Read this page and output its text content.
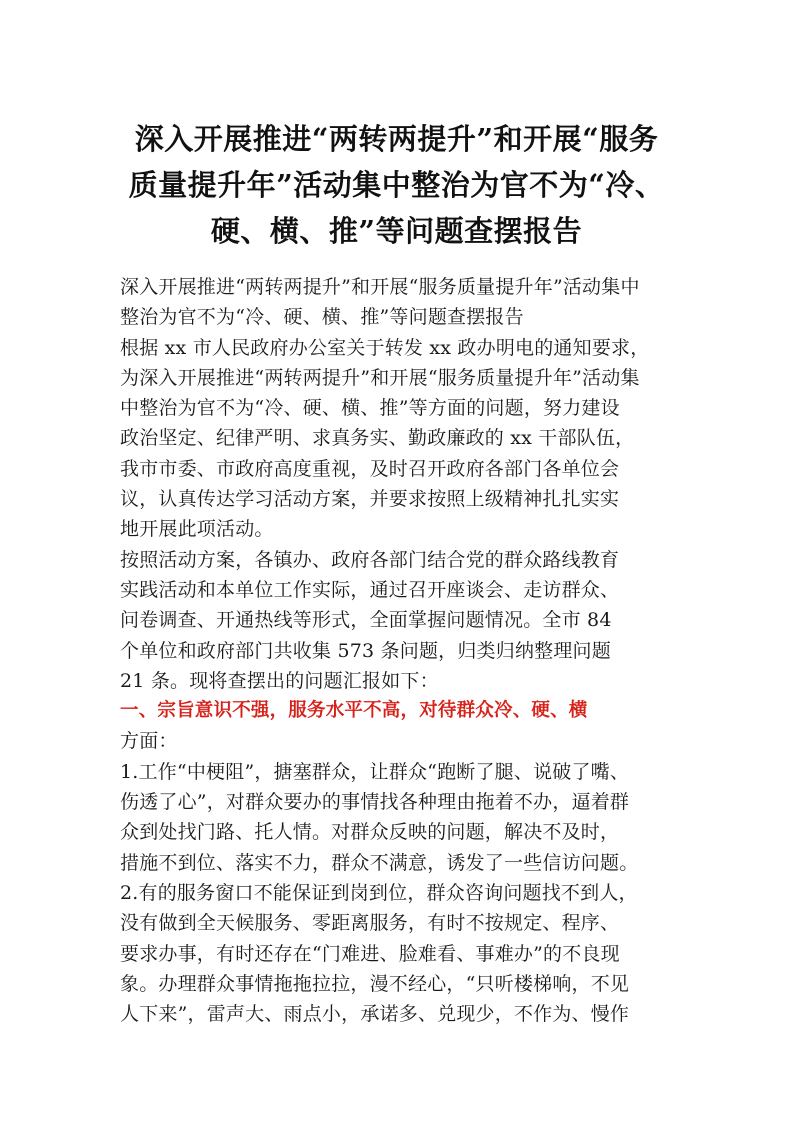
深入开展推进“两转两提升”和开展“服务
质量提升年”活动集中整治为官不为“冷、
硬、横、推”等问题查摆报告
深入开展推进“两转两提升”和开展“服务质量提升年”活动集中
整治为官不为“冷、硬、横、推”等问题查摆报告
根据 xx 市人民政府办公室关于转发 xx 政办明电的通知要求，
为深入开展推进“两转两提升”和开展“服务质量提升年”活动集
中整治为官不为“冷、硬、横、推”等方面的问题，努力建设
政治坚定、纪律严明、求真务实、勤政廉政的 xx 干部队伍，
我市市委、市政府高度重视，及时召开政府各部门各单位会
议，认真传达学习活动方案，并要求按照上级精神扎扎实实
地开展此项活动。
按照活动方案，各镇办、政府各部门结合党的群众路线教育
实践活动和本单位工作实际，通过召开座谈会、走访群众、
问卷调查、开通热线等形式，全面掌握问题情况。全市 84
个单位和政府部门共收集 573 条问题，归类归纳整理问题
21 条。现将查摆出的问题汇报如下：
一、宗旨意识不强，服务水平不高，对待群众冷、硬、横
方面：
1.工作“中梗阻”，搪塞群众，让群众“跑断了腿、说破了嘴、
伤透了心”，对群众要办的事情找各种理由拖着不办，逼着群
众到处找门路、托人情。对群众反映的问题，解决不及时，
措施不到位、落实不力，群众不满意，诱发了一些信访问题。
2.有的服务窗口不能保证到岗到位，群众咨询问题找不到人，
没有做到全天候服务、零距离服务，有时不按规定、程序、
要求办事，有时还存在“门难进、脸难看、事难办”的不良现
象。办理群众事情拖拖拉拉，漫不经心，“只听楼梯响，不见
人下来”，雷声大、雨点小，承诺多、兑现少，不作为、慢作
